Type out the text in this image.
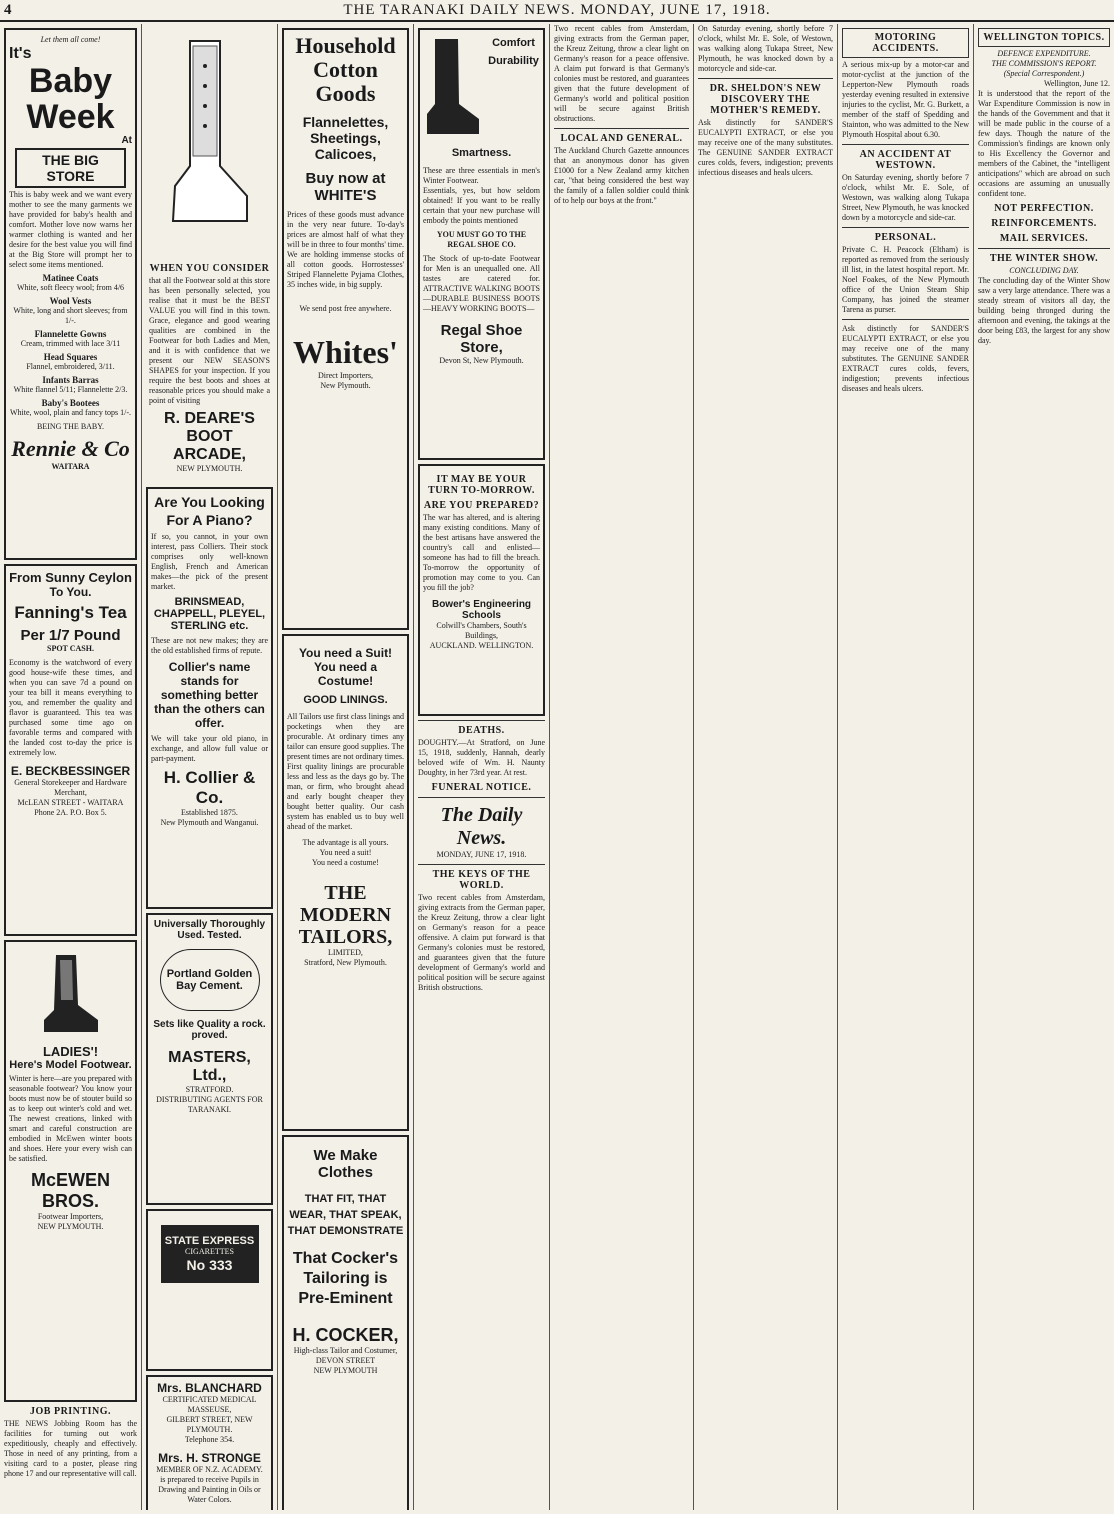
4	THE TARANAKI DAILY NEWS. MONDAY, JUNE 17, 1918.
Let them all come!
It's
Baby
Week
At
THE BIG STORE

This is baby week and we want every mother to see the many garments we have provided for baby's health and comfort. Mother love now warns her warmer clothing is wanted and her desire for the best value you will find at the Big Store will prompt her to select some items mentioned.

Matinee Coats
White, soft fleecy wool; from 4/6
Wool Vests
White, long and short sleeves; from 1/-.
Flannelette Gowns
Cream, trimmed with lace 3/11
Head Squares
Flannel, embroidered, 3/11.
Infants Barras
White flannel 5/11; Flannelette 2/3.
Baby's Bootees
White, wool, plain and fancy tops 1/-.
BEING THE BABY.
Rennie & Co
WAITARA
From Sunny Ceylon
To You.
Fanning's Tea
Per 1/7 Pound
SPOT CASH.

Economy is the watchword of every good house-wife these times, and when you can save 7d a pound on your tea bill it means everything to you, and remember the quality and flavor is guaranteed. This tea was purchased some time ago on favorable terms and compared with the landed cost to-day the price is extremely low.

E. BECKBESSINGER
General Storekeeper and Hardware Merchant,
McLEAN STREET - WAITARA
Phone 2A. P.O. Box 5.
LADIES'!
Here's Model Footwear.

Winter is here—are you prepared with seasonable footwear? You know your boots must now be of stouter build so as to keep out winter's cold and wet. The newest creations, linked with smart and careful construction are embodied in McEwen winter boots and shoes. Here your every wish can be satisfied.

McEWEN BROS.
Footwear Importers,
NEW PLYMOUTH.
JOB PRINTING.

THE NEWS Jobbing Room has the facilities for turning out work expeditiously, cheaply and effectively. Those in need of any printing, from a visiting card to a poster, please ring phone 17 and our representative will call.

WHEN YOU CONSIDER

that all the Footwear sold at this store has been personally selected, you realise that it must be the BEST VALUE you will find in this town. Grace, elegance and good wearing qualities are combined in the Footwear for both Ladies and Men, and it is with confidence that we present our NEW SEASON'S SHAPES for your inspection. If you require the best boots and shoes at reasonable prices you should make a point of visiting

R. DEARE'S BOOT ARCADE,
NEW PLYMOUTH.
Are You Looking For A Piano?

If so, you cannot, in your own interest, pass Colliers. Their stock comprises only well-known English, French and American makes—the pick of the present market.

BRINSMEAD, CHAPPELL, PLEYEL, STERLING etc.

These are not new makes; they are the old established firms of repute.

Collier's name stands for something better than the others can offer.

We will take your old piano, in exchange, and allow full value or part-payment.

H. Collier & Co.
Established 1875.
New Plymouth and Wanganui.
Universally Thoroughly Used. Tested.
Portland Golden Bay Cement.
Sets like Quality a rock. proved.
MASTERS, Ltd.,
STRATFORD.
DISTRIBUTING AGENTS FOR TARANAKI.
STATE EXPRESS
CIGARETTES
No 333
Mrs. BLANCHARD
CERTIFICATED MEDICAL MASSEUSE,
GILBERT STREET, NEW PLYMOUTH.
Telephone 354.
Mrs. H. STRONGE
MEMBER OF N.Z. ACADEMY.
is prepared to receive Pupils in Drawing and Painting in Oils or Water Colors.
Household Cotton Goods
Flannelettes, Sheetings, Calicoes,
Buy now at WHITE'S

Prices of these goods must advance in the very near future. To-day's prices are almost half of what they will be in three to four months' time. We are holding immense stocks of all cotton goods. Horrostesses' Striped Flannelette Pyjama Clothes, 35 inches wide, in big supply.

We send post free anywhere.
Whites'
Direct Importers,
New Plymouth.
You need a Suit!
You need a Costume!
GOOD LININGS.

All Tailors use first class linings and pocketings when they are procurable. At ordinary times any tailor can ensure good supplies. The present times are not ordinary times. First quality linings are procurable less and less as the days go by. The man, or firm, who brought ahead and early bought cheaper they bought better quality. Our cash system has enabled us to buy well ahead of the market.

The advantage is all yours.
You need a suit!
You need a costume!
THE MODERN TAILORS,
LIMITED,
Stratford, New Plymouth.
We Make Clothes
THAT FIT, THAT WEAR, THAT SPEAK, THAT DEMONSTRATE
That Cocker's Tailoring is Pre-Eminent
H. COCKER,
High-class Tailor and Costumer,
DEVON STREET
NEW PLYMOUTH
Comfort Durability Smartness.

These are three essentials in men's Winter Footwear.

Essentials, yes, but how seldom obtained! If you want to be really certain that your new purchase will embody the points mentioned

YOU MUST GO TO THE REGAL SHOE CO.

The Stock of up-to-date Footwear for Men is an unequalled one. All tastes are catered for. ATTRACTIVE WALKING BOOTS—DURABLE BUSINESS BOOTS—HEAVY WORKING BOOTS—

Regal Shoe Store,
Devon St, New Plymouth.
IT MAY BE YOUR TURN TO-MORROW.
ARE YOU PREPARED?

The war has altered, and is altering many existing conditions. Many of the best artisans have answered the country's call and enlisted—someone has had to fill the breach. To-morrow the opportunity of promotion may come to you. Can you fill the job?

Bower's Engineering Schools
Colwill's Chambers, South's Buildings,
AUCKLAND. WELLINGTON.
DEATHS.

DOUGHTY.—At Stratford, on June 15, 1918, suddenly, Hannah, dearly beloved wife of Wm. H. Naunty Doughty, in her 73rd year. At rest.

FUNERAL NOTICE.
The Daily News.
MONDAY, JUNE 17, 1918.
THE KEYS OF THE WORLD.

Two recent cables from Amsterdam, giving extracts from the German paper, the Kreuz Zeitung, throw a clear light on Germany's reason for a peace offensive. A claim put forward is that Germany's colonies must be restored, and guarantees given that the future development of Germany's world and political position will be secure against British obstructions.

Two recent cables from Amsterdam, giving extracts from the German paper, the Kreuz Zeitung, throw a clear light on Germany's reason for a peace offensive. A claim put forward is that Germany's colonies must be restored, and guarantees given that the future development of Germany's world and political position will be secure against British obstructions.

LOCAL AND GENERAL.

The Auckland Church Gazette announces that an anonymous donor has given £1000 for a New Zealand army kitchen car, "that being considered the best way the family of a fallen soldier could think of to help our boys at the front."

On Saturday evening, shortly before 7 o'clock, whilst Mr. E. Sole, of Westown, was walking along Tukapa Street, New Plymouth, he was knocked down by a motorcycle and side-car.

DR. SHELDON'S NEW DISCOVERY THE MOTHER'S REMEDY.

Ask distinctly for SANDER'S EUCALYPTI EXTRACT, or else you may receive one of the many substitutes. The GENUINE SANDER EXTRACT cures colds, fevers, indigestion; prevents infectious diseases and heals ulcers.

MOTORING ACCIDENTS.

A serious mix-up by a motor-car and motor-cyclist at the junction of the Lepperton-New Plymouth roads yesterday evening resulted in extensive injuries to the cyclist, Mr. G. Burkett, a member of the staff of Spedding and Stainton, who was admitted to the New Plymouth Hospital about 6.30.

AN ACCIDENT AT WESTOWN.

On Saturday evening, shortly before 7 o'clock, whilst Mr. E. Sole, of Westown, was walking along Tukapa Street, New Plymouth, he was knocked down by a motorcycle and side-car.

PERSONAL.

Private C. H. Peacock (Eltham) is reported as removed from the seriously ill list, in the latest hospital report. Mr. Noel Foakes, of the New Plymouth office of the Union Steam Ship Company, has joined the steamer Tarena as purser.

Ask distinctly for SANDER'S EUCALYPTI EXTRACT, or else you may receive one of the many substitutes. The GENUINE SANDER EXTRACT cures colds, fevers, indigestion; prevents infectious diseases and heals ulcers.

WELLINGTON TOPICS.
DEFENCE EXPENDITURE.
THE COMMISSION'S REPORT.
(Special Correspondent.)
Wellington, June 12.

It is understood that the report of the War Expenditure Commission is now in the hands of the Government and that it will be made public in the course of a few days. Though the nature of the Commission's findings are known only to His Excellency the Governor and members of the Cabinet, the "intelligent anticipations" which are abroad on such occasions are assuming an unusually confident tone.

NOT PERFECTION.
REINFORCEMENTS.
MAIL SERVICES.
THE WINTER SHOW.
CONCLUDING DAY.

The concluding day of the Winter Show saw a very large attendance. There was a steady stream of visitors all day, the building being thronged during the afternoon and evening, the takings at the door being £83, the largest for any show day.
